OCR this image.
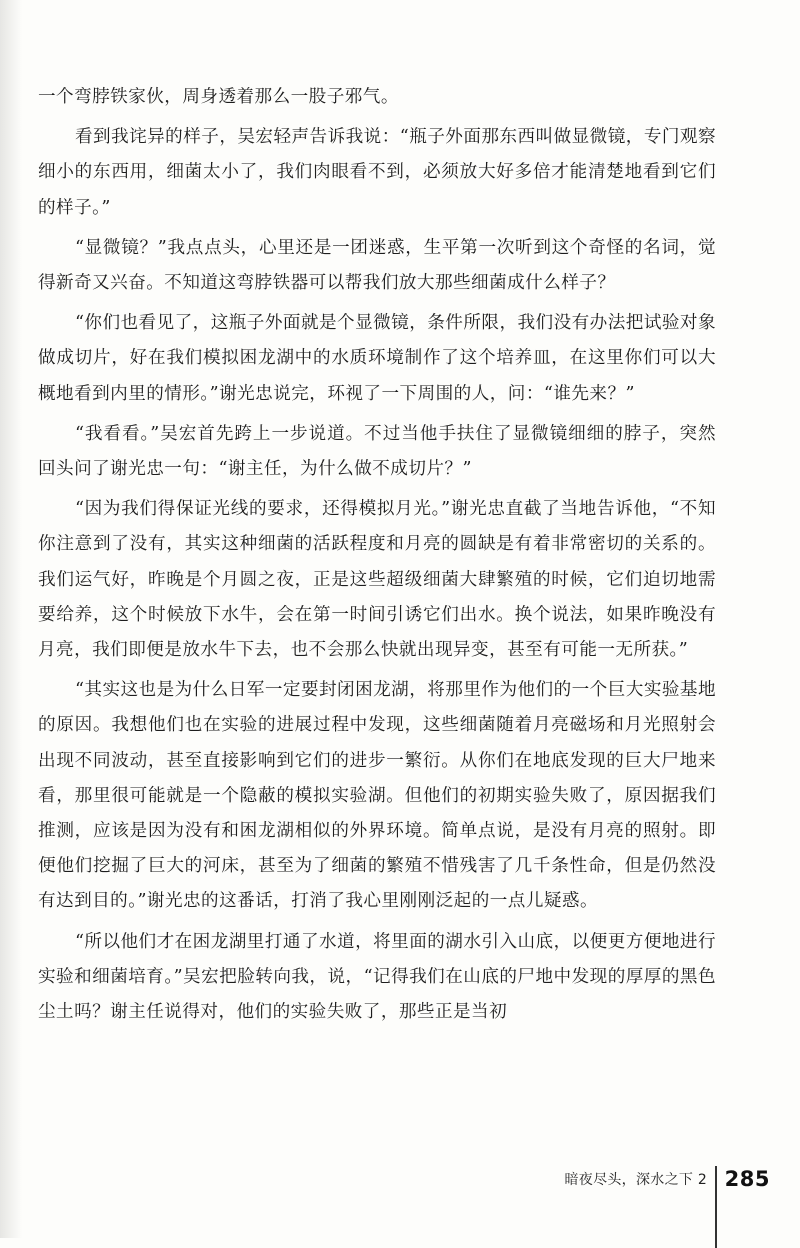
一个弯脖铁家伙，周身透着那么一股子邪气。

看到我诧异的样子，吴宏轻声告诉我说：“瓶子外面那东西叫做显微镜，专门观察细小的东西用，细菌太小了，我们肉眼看不到，必须放大好多倍才能清楚地看到它们的样子。”

“显微镜？”我点点头，心里还是一团迷惑，生平第一次听到这个奇怪的名词，觉得新奇又兴奋。不知道这弯脖铁器可以帮我们放大那些细菌成什么样子？

“你们也看见了，这瓶子外面就是个显微镜，条件所限，我们没有办法把试验对象做成切片，好在我们模拟困龙湖中的水质环境制作了这个培养皿，在这里你们可以大概地看到内里的情形。”谢光忠说完，环视了一下周围的人，问：“谁先来？”

“我看看。”吴宏首先跨上一步说道。不过当他手扶住了显微镜细细的脖子，突然回头问了谢光忠一句：“谢主任，为什么做不成切片？”

“因为我们得保证光线的要求，还得模拟月光。”谢光忠直截了当地告诉他，“不知你注意到了没有，其实这种细菌的活跃程度和月亮的圆缺是有着非常密切的关系的。我们运气好，昨晚是个月圆之夜，正是这些超级细菌大肆繁殖的时候，它们迫切地需要给养，这个时候放下水牛，会在第一时间引诱它们出水。换个说法，如果昨晚没有月亮，我们即便是放水牛下去，也不会那么快就出现异变，甚至有可能一无所获。”

“其实这也是为什么日军一定要封闭困龙湖，将那里作为他们的一个巨大实验基地的原因。我想他们也在实验的进展过程中发现，这些细菌随着月亮磁场和月光照射会出现不同波动，甚至直接影响到它们的进步一繁衍。从你们在地底发现的巨大尸地来看，那里很可能就是一个隐蔽的模拟实验湖。但他们的初期实验失败了，原因据我们推测，应该是因为没有和困龙湖相似的外界环境。简单点说，是没有月亮的照射。即便他们挖掘了巨大的河床，甚至为了细菌的繁殖不惜残害了几千条性命，但是仍然没有达到目的。”谢光忠的这番话，打消了我心里刚刚泛起的一点儿疑惑。

“所以他们才在困龙湖里打通了水道，将里面的湖水引入山底，以便更方便地进行实验和细菌培育。”吴宏把脸转向我，说，“记得我们在山底的尸地中发现的厚厚的黑色尘土吗？谢主任说得对，他们的实验失败了，那些正是当初

暗夜尽头，深水之下 2 285
